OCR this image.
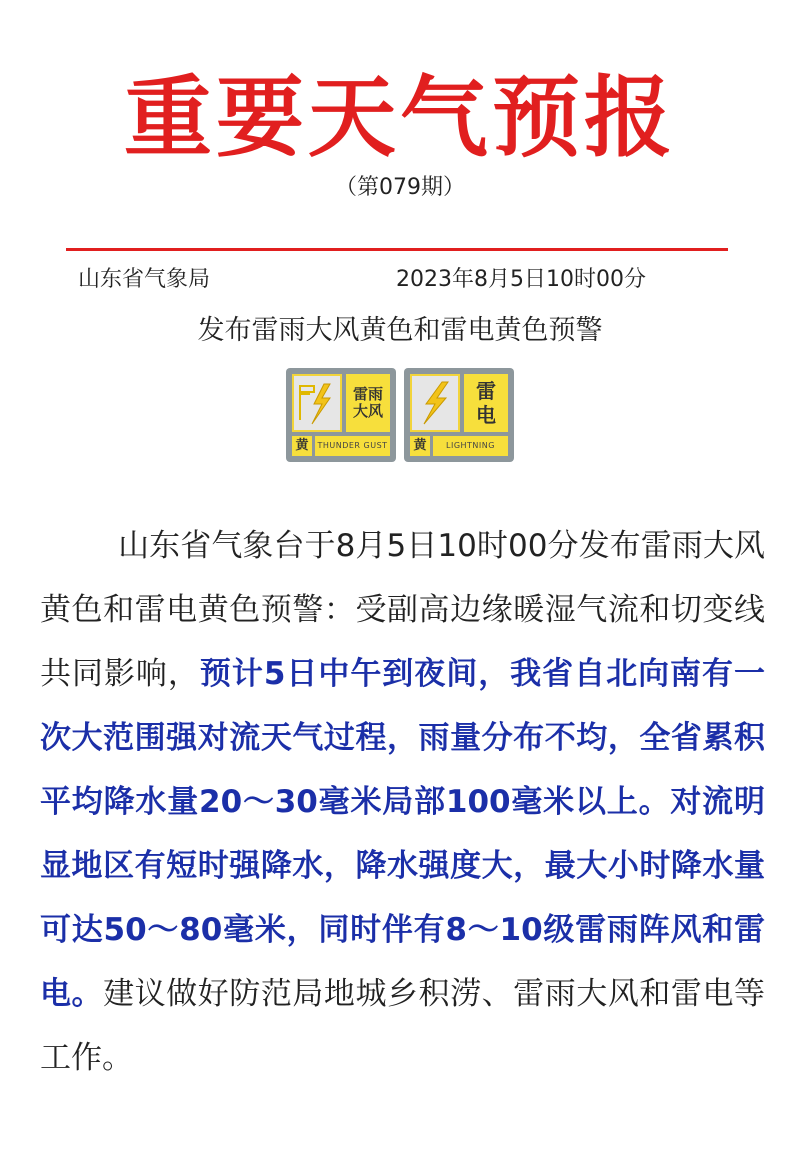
重要天气预报
（第079期）
山东省气象局	2023年8月5日10时00分
发布雷雨大风黄色和雷电黄色预警
雷雨
大风
黄	THUNDER GUST
雷
电
黄	LIGHTNING
山东省气象台于8月5日10时00分发布雷雨大风黄色和雷电黄色预警：受副高边缘暖湿气流和切变线共同影响，预计5日中午到夜间，我省自北向南有一次大范围强对流天气过程，雨量分布不均，全省累积平均降水量20～30毫米局部100毫米以上。对流明显地区有短时强降水，降水强度大，最大小时降水量可达50～80毫米，同时伴有8～10级雷雨阵风和雷电。建议做好防范局地城乡积涝、雷雨大风和雷电等工作。
